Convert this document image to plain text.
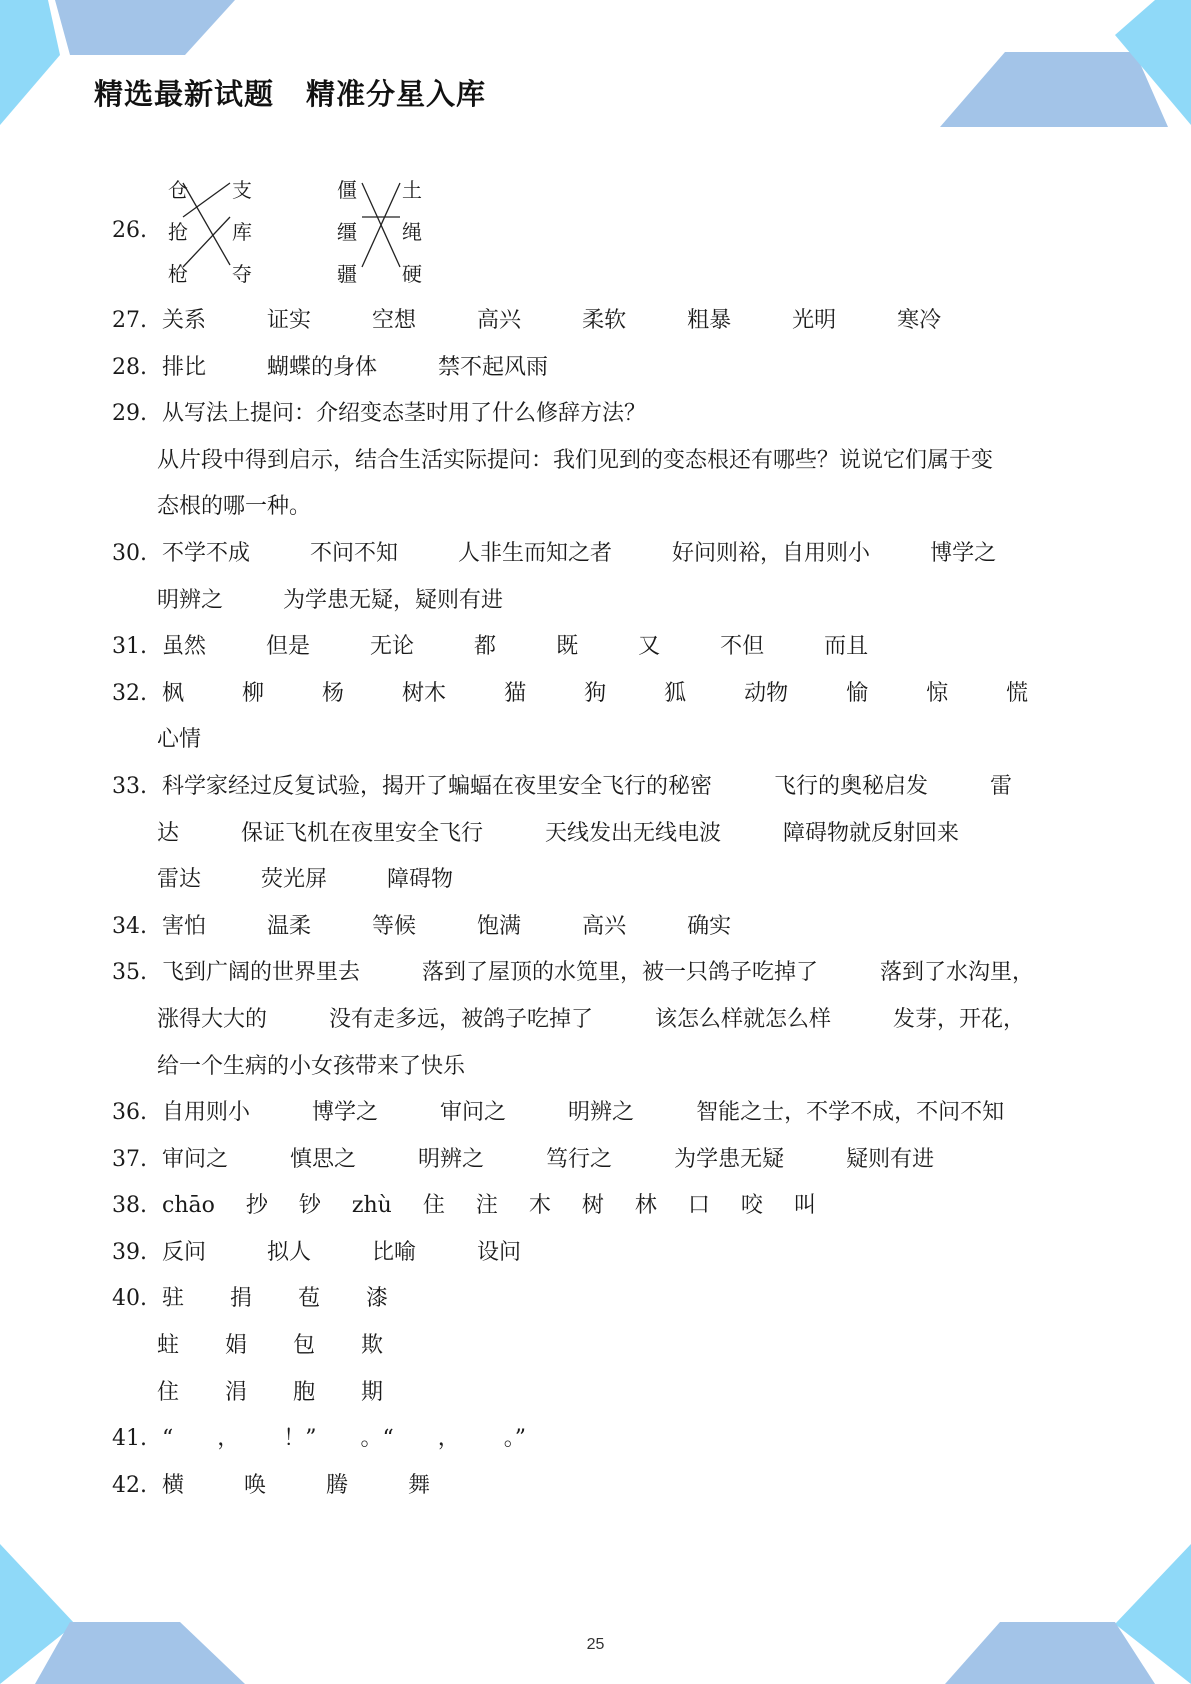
精选最新试题 精准分星入库
26.
仓
抢
枪
支
库
夺
僵
缰
疆
土
绳
硬
27. 关系	证实	空想	高兴	柔软	粗暴	光明	寒冷
28. 排比	蝴蝶的身体	禁不起风雨
29. 从写法上提问：介绍变态茎时用了什么修辞方法？
从片段中得到启示，结合生活实际提问：我们见到的变态根还有哪些？说说它们属于变
态根的哪一种。
30. 不学不成	不问不知	人非生而知之者	好问则裕，自用则小	博学之
明辨之	为学患无疑，疑则有进
31. 虽然	但是	无论	都	既	又	不但	而且
32. 枫	柳	杨	树木	猫	狗	狐	动物	愉	惊	慌
心情
33. 科学家经过反复试验，揭开了蝙蝠在夜里安全飞行的秘密	飞行的奥秘启发	雷
达	保证飞机在夜里安全飞行	天线发出无线电波	障碍物就反射回来
雷达	荧光屏	障碍物
34. 害怕	温柔	等候	饱满	高兴	确实
35. 飞到广阔的世界里去	落到了屋顶的水笕里，被一只鸽子吃掉了	落到了水沟里，
涨得大大的	没有走多远，被鸽子吃掉了	该怎么样就怎么样	发芽，开花，
给一个生病的小女孩带来了快乐
36. 自用则小	博学之	审问之	明辨之	智能之士，不学不成，不问不知
37. 审问之	慎思之	明辨之	笃行之	为学患无疑	疑则有进
38. chāo 抄 钞 zhù 住 注 木 树 林 口 咬 叫
39. 反问	拟人	比喻	设问
40. 驻 捐 苞 漆
蛀 娟 包 欺
住 涓 胞 期
41. “ ， ！” 。“ ， 。”
42. 横	唤	腾	舞
25
